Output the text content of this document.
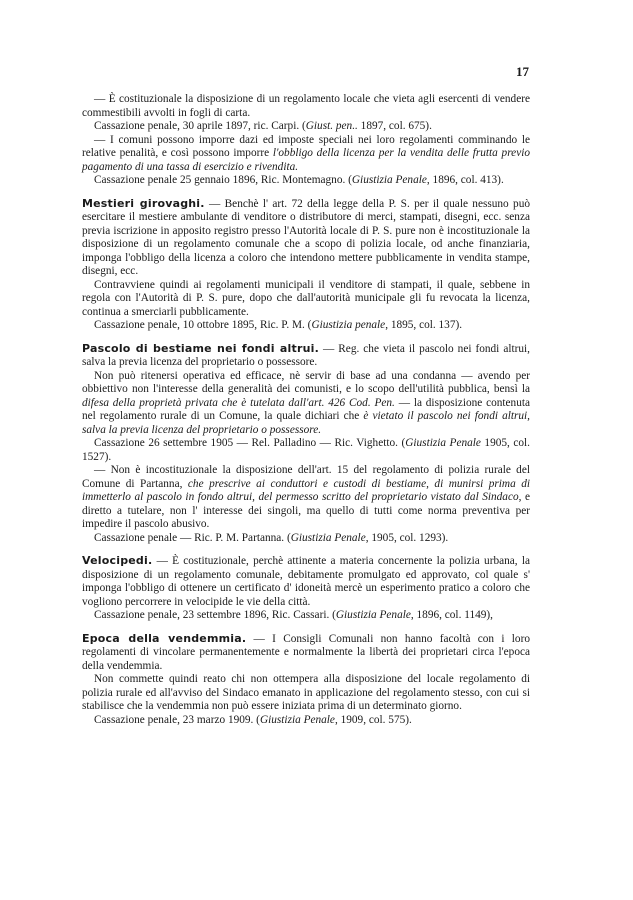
17

— È costituzionale la disposizione di un regolamento locale che vieta agli esercenti di vendere commestibili avvolti in fogli di carta.

Cassazione penale, 30 aprile 1897, ric. Carpi. (Giust. pen.. 1897, col. 675).

— I comuni possono imporre dazi ed imposte speciali nei loro regolamenti comminando le relative penalità, e così possono imporre l'obbligo della licenza per la vendita delle frutta previo pagamento di una tassa di esercizio e rivendita.

Cassazione penale 25 gennaio 1896, Ric. Montemagno. (Giustizia Penale, 1896, col. 413).

Mestieri girovaghi. — Benchè l' art. 72 della legge della P. S. per il quale nessuno può esercitare il mestiere ambulante di venditore o distributore di merci, stampati, disegni, ecc. senza previa iscrizione in apposito registro presso l'Autorità locale di P. S. pure non è incostituzionale la disposizione di un regolamento comunale che a scopo di polizia locale, od anche finanziaria, imponga l'obbligo della licenza a coloro che intendono mettere pubblicamente in vendita stampe, disegni, ecc.

Contravviene quindi ai regolamenti municipali il venditore di stampati, il quale, sebbene in regola con l'Autorità di P. S. pure, dopo che dall'autorità municipale gli fu revocata la licenza, continua a smerciarli pubblicamente.

Cassazione penale, 10 ottobre 1895, Ric. P. M. (Giustizia penale, 1895, col. 137).

Pascolo di bestiame nei fondi altrui. — Reg. che vieta il pascolo nei fondi altrui, salva la previa licenza del proprietario o possessore.

Non può ritenersi operativa ed efficace, nè servir di base ad una condanna — avendo per obbiettivo non l'interesse della generalità dei comunisti, e lo scopo dell'utilità pubblica, bensì la difesa della proprietà privata che è tutelata dall'art. 426 Cod. Pen. — la disposizione contenuta nel regolamento rurale di un Comune, la quale dichiari che è vietato il pascolo nei fondi altrui, salva la previa licenza del proprietario o possessore.

Cassazione 26 settembre 1905 — Rel. Palladino — Ric. Vighetto. (Giustizia Penale 1905, col. 1527).

— Non è incostituzionale la disposizione dell'art. 15 del regolamento di polizia rurale del Comune di Partanna, che prescrive ai conduttori e custodi di bestiame, di munirsi prima di immetterlo al pascolo in fondo altrui, del permesso scritto del proprietario vistato dal Sindaco, e diretto a tutelare, non l' interesse dei singoli, ma quello di tutti come norma preventiva per impedire il pascolo abusivo.

Cassazione penale — Ric. P. M. Partanna. (Giustizia Penale, 1905, col. 1293).

Velocipedi. — È costituzionale, perchè attinente a materia concernente la polizia urbana, la disposizione di un regolamento comunale, debitamente promulgato ed approvato, col quale s' imponga l'obbligo di ottenere un certificato d' idoneità mercè un esperimento pratico a coloro che vogliono percorrere in velocipide le vie della città.

Cassazione penale, 23 settembre 1896, Ric. Cassari. (Giustizia Penale, 1896, col. 1149),

Epoca della vendemmia. — I Consigli Comunali non hanno facoltà con i loro regolamenti di vincolare permanentemente e normalmente la libertà dei proprietari circa l'epoca della vendemmia.

Non commette quindi reato chi non ottempera alla disposizione del locale regolamento di polizia rurale ed all'avviso del Sindaco emanato in applicazione del regolamento stesso, con cui si stabilisce che la vendemmia non può essere iniziata prima di un determinato giorno.

Cassazione penale, 23 marzo 1909. (Giustizia Penale, 1909, col. 575).
